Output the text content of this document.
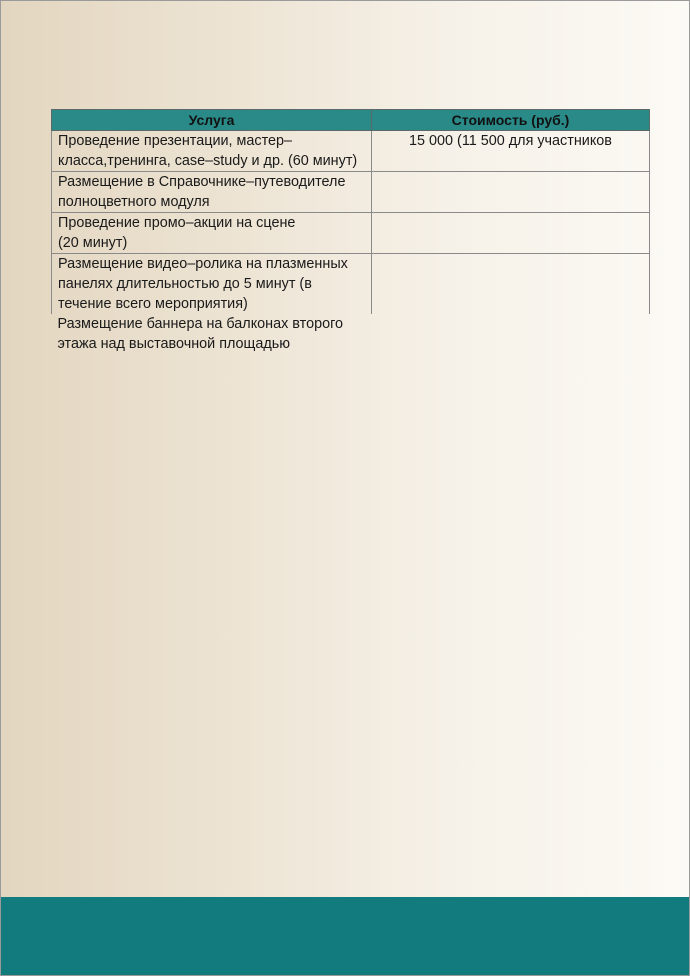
Услуга	Стоимость (руб.)

Проведение презентации, мастер–
класса,тренинга, case–study и др. (60 минут)	15 000 (11 500 для участников

Размещение в Справочнике–путеводителе
полноцветного модуля	

Проведение промо–акции на сцене
(20 минут)	

Размещение видео–ролика на плазменных
панелях длительностью до 5 минут (в
течение всего мероприятия)	

Размещение баннера на балконах второго
этажа над выставочной площадью	
